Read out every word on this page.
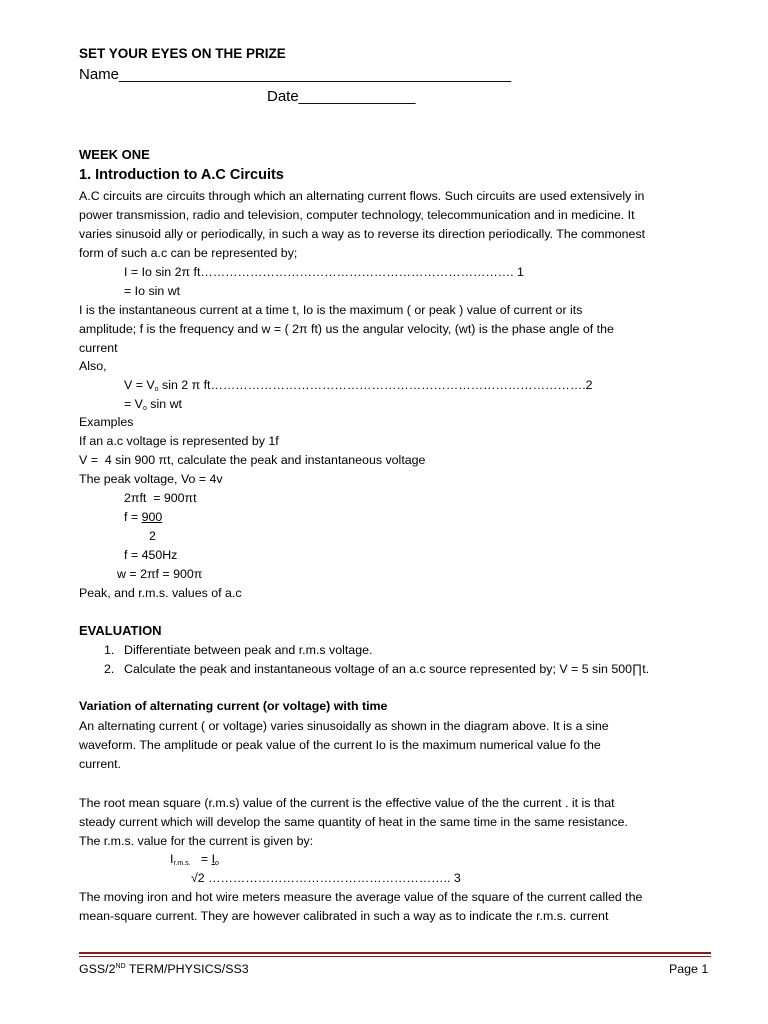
SET YOUR EYES ON THE PRIZE
Name_______________________________________________
Date______________
WEEK ONE
1. Introduction to A.C Circuits

A.C circuits are circuits through which an alternating current flows. Such circuits are used extensively in

power transmission, radio and television, computer technology, telecommunication and in medicine. It

varies sinusoid ally or periodically, in such a way as to reverse its direction periodically. The commonest

form of such a.c can be represented by;

I = Io sin 2π ft…………………………………………………………………. 1
= Io sin wt

I is the instantaneous current at a time t, Io is the maximum ( or peak ) value of current or its

amplitude; f is the frequency and w = ( 2π ft) us the angular velocity, (wt) is the phase angle of the

current

Also,
$V = V_o$ sin 2 π ft……………………………………………………………………………….2
= $V_o$ sin wt
Examples
If an a.c voltage is represented by 1f
V =  4 sin 900 πt, calculate the peak and instantaneous voltage
The peak voltage, Vo = 4v
2πft  = 900πt
f = 900
2
f = 450Hz
w = 2πf = 900π
Peak, and r.m.s. values of a.c
EVALUATION
1. Differentiate between peak and r.m.s voltage.
2. Calculate the peak and instantaneous voltage of an a.c source represented by; V = 5 sin 500∏t.
Variation of alternating current (or voltage) with time

An alternating current ( or voltage) varies sinusoidally as shown in the diagram above. It is a sine

waveform. The amplitude or peak value of the current Io is the maximum numerical value fo the

current.

The root mean square (r.m.s) value of the current is the effective value of the the current . it is that

steady current which will develop the same quantity of heat in the same time in the same resistance.

The r.m.s. value for the current is given by:

$I_{r.m.s.} = I_o$
√2 ………………………………………………….. 3

The moving iron and hot wire meters measure the average value of the square of the current called the

mean-square current. They are however calibrated in such a way as to indicate the r.m.s. current

GSS/2ND TERM/PHYSICS/SS3	Page 1
